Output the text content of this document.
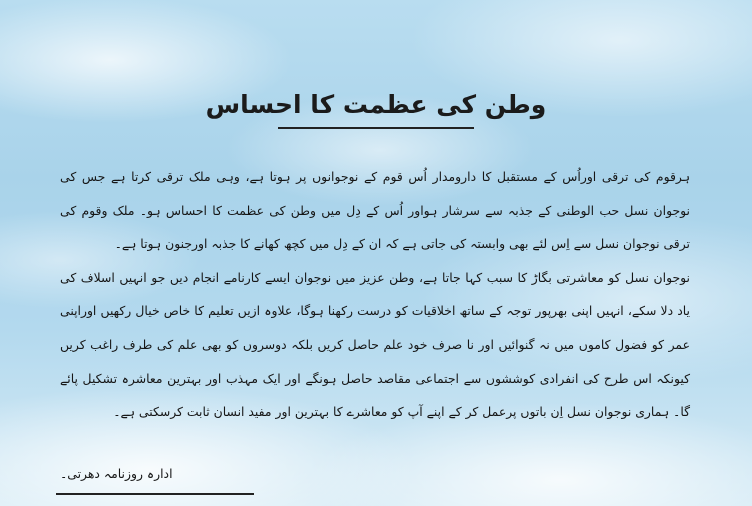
وطن کی عظمت کا احساس

ہرقوم کی ترقی اوراُس کے مستقبل کا دارومدار اُس قوم کے نوجوانوں پر ہوتا ہے، وہی ملک ترقی کرتا ہے جس کی نوجوان نسل حب الوطنی کے جذبہ سے سرشار ہواور اُس کے دِل میں وطن کی عظمت کا احساس ہو۔ ملک وقوم کی ترقی نوجوان نسل سے اِس لئے بھی وابستہ کی جاتی ہے کہ ان کے دِل میں کچھ کھانے کا جذبہ اورجنون ہوتا ہے۔

نوجوان نسل کو معاشرتی بگاڑ کا سبب کہا جاتا ہے، وطن عزیز میں نوجوان ایسے کارنامے انجام دیں جو انہیں اسلاف کی یاد دلا سکے، انہیں اپنی بھرپور توجہ کے ساتھ اخلاقیات کو درست رکھنا ہوگا، علاوہ ازیں تعلیم کا خاص خیال رکھیں اوراپنی عمر کو فضول کاموں میں نہ گنوائیں اور نا صرف خود علم حاصل کریں بلکہ دوسروں کو بھی علم کی طرف راغب کریں کیونکہ اس طرح کی انفرادی کوششوں سے اجتماعی مقاصد حاصل ہونگے اور ایک مہذب اور بہترین معاشرہ تشکیل پائے گا۔ ہماری نوجوان نسل اِن باتوں پرعمل کر کے اپنے آپ کو معاشرے کا بہترین اور مفید انسان ثابت کرسکتی ہے۔

ادارہ روزنامہ دھرتی۔
